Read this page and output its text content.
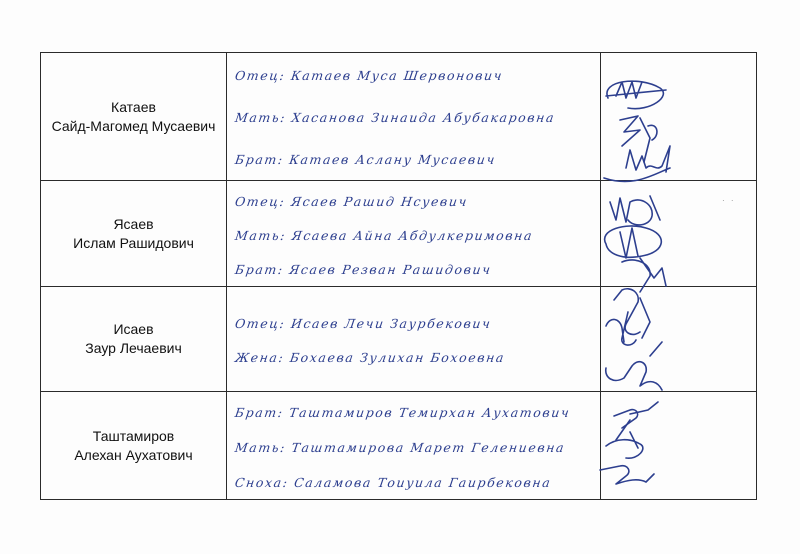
Катаев
Сайд-Магомед Мусаевич	Отец: Катаев Муса Шервонович
Мать: Хасанова Зинаида Абубакаровна
Брат: Катаев Аслану Мусаевич	

Ясаев
Ислам Рашидович	Отец: Ясаев Рашид Нсуевич
Мать: Ясаева Айна Абдулкеримовна
Брат: Ясаев Резван Рашидович	

Исаев
Заур Лечаевич	Отец: Исаев Лечи Заурбекович
Жена: Бохаева Зулихан Бохоевна	

Таштамиров
Алехан Аухатович	Брат: Таштамиров Темирхан Аухатович
Мать: Таштамирова Марет Гелениевна
Сноха: Саламова Тоиуила Гаирбековна	

· ·
